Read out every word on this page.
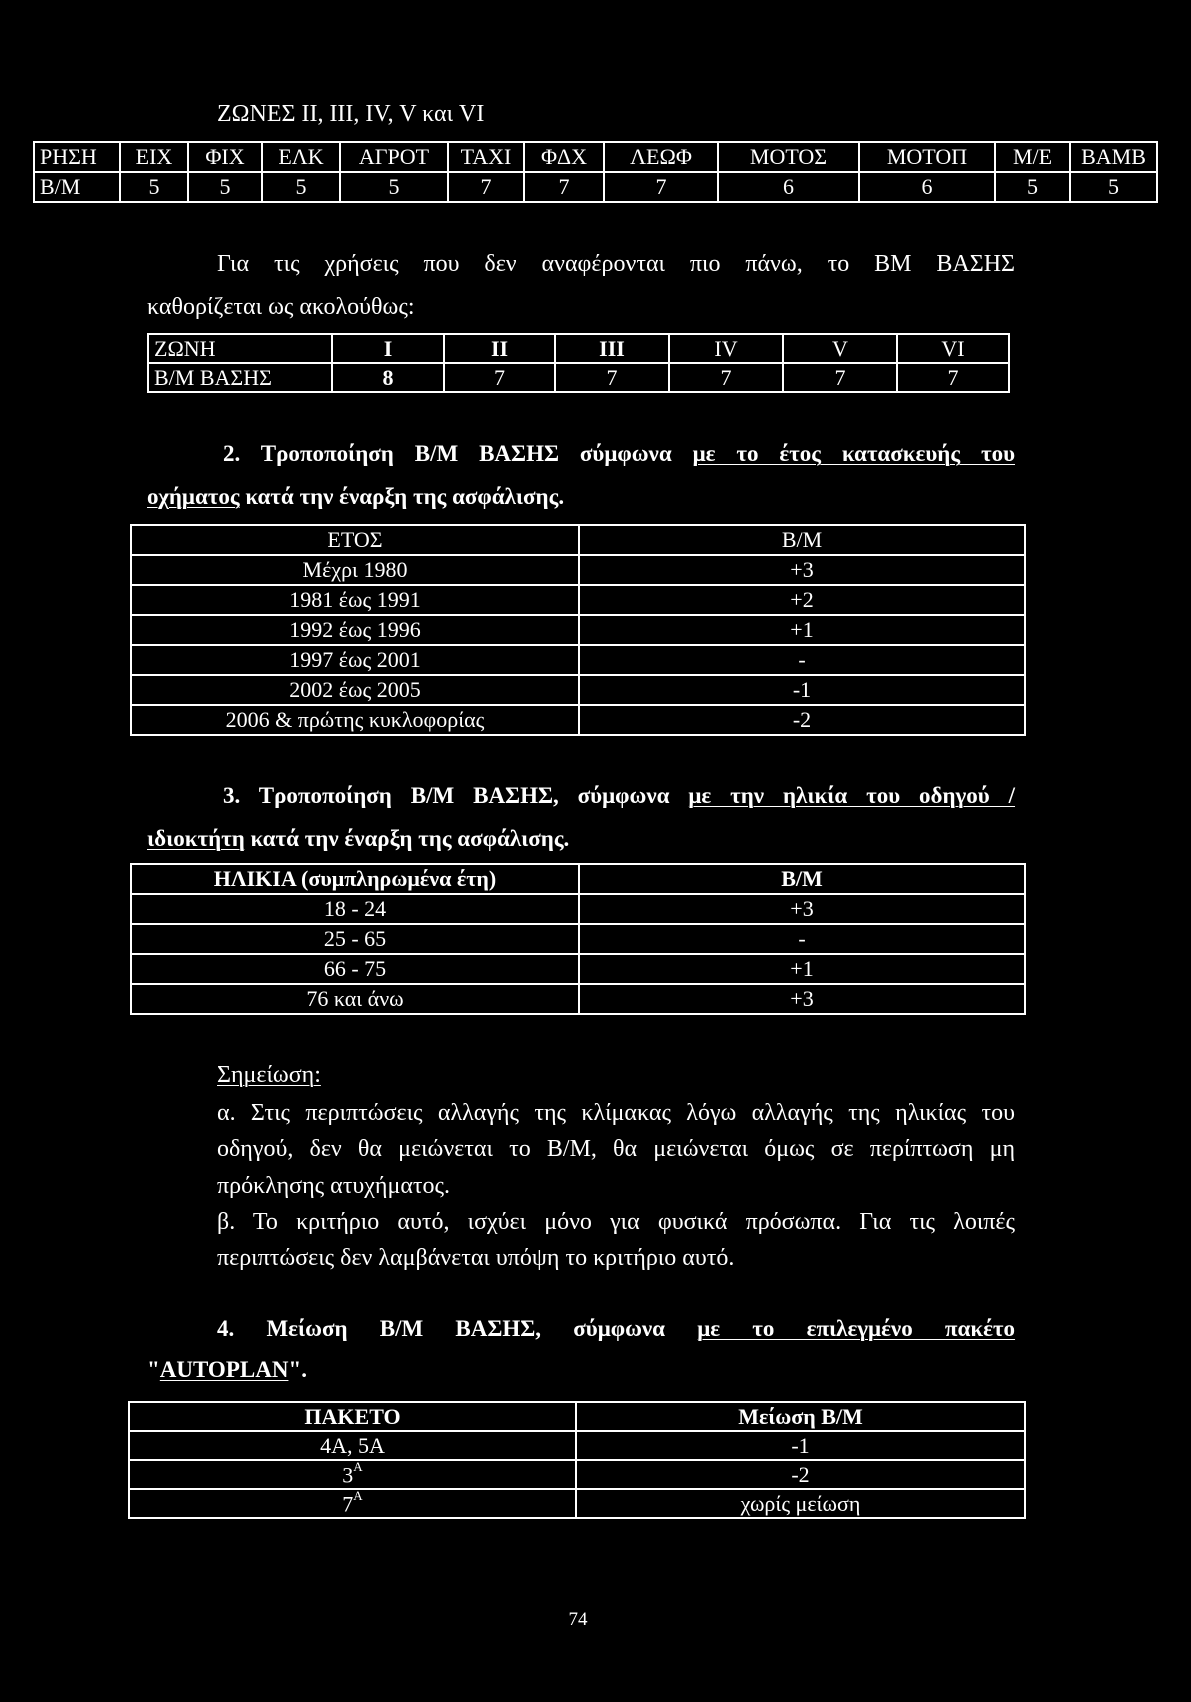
ΖΩΝΕΣ II, III, IV, V και VI
ΡΗΣΗ	ΕΙΧ	ΦΙΧ	ΕΛΚ	ΑΓΡΟΤ	ΤΑΧΙ	ΦΔΧ	ΛΕΩΦ	ΜΟΤΟΣ	ΜΟΤΟΠ	Μ/Ε	ΒΑΜΒ
Β/Μ	5	5	5	5	7	7	7	6	6	5	5
Για τις χρήσεις που δεν αναφέρονται πιο πάνω, το ΒΜ ΒΑΣΗΣ
καθορίζεται ως ακολούθως:
ΖΩΝΗ	I	II	III	IV	V	VI
Β/Μ ΒΑΣΗΣ	8	7	7	7	7	7
2. Τροποποίηση Β/Μ ΒΑΣΗΣ σύμφωνα με το έτος κατασκευής του
οχήματος κατά την έναρξη της ασφάλισης.
ΕΤΟΣ	Β/Μ
Μέχρι 1980	+3
1981 έως 1991	+2
1992 έως 1996	+1
1997 έως 2001	-
2002 έως 2005	-1
2006 & πρώτης κυκλοφορίας	-2
3. Τροποποίηση Β/Μ ΒΑΣΗΣ, σύμφωνα με την ηλικία του οδηγού /
ιδιοκτήτη κατά την έναρξη της ασφάλισης.
ΗΛΙΚΙΑ (συμπληρωμένα έτη)	Β/Μ
18 - 24	+3
25 - 65	-
66 - 75	+1
76 και άνω	+3
Σημείωση:
α. Στις περιπτώσεις αλλαγής της κλίμακας λόγω αλλαγής της ηλικίας του
οδηγού, δεν θα μειώνεται το Β/Μ, θα μειώνεται όμως σε περίπτωση μη
πρόκλησης ατυχήματος.
β. Το κριτήριο αυτό, ισχύει μόνο για φυσικά πρόσωπα. Για τις λοιπές
περιπτώσεις δεν λαμβάνεται υπόψη το κριτήριο αυτό.
4. Μείωση Β/Μ ΒΑΣΗΣ, σύμφωνα με το επιλεγμένο πακέτο
"AUTOPLAN".
ΠΑΚΕΤΟ	Μείωση Β/Μ
4Α, 5Α	-1
$3^A$	-2
$7^A$	χωρίς μείωση
74
